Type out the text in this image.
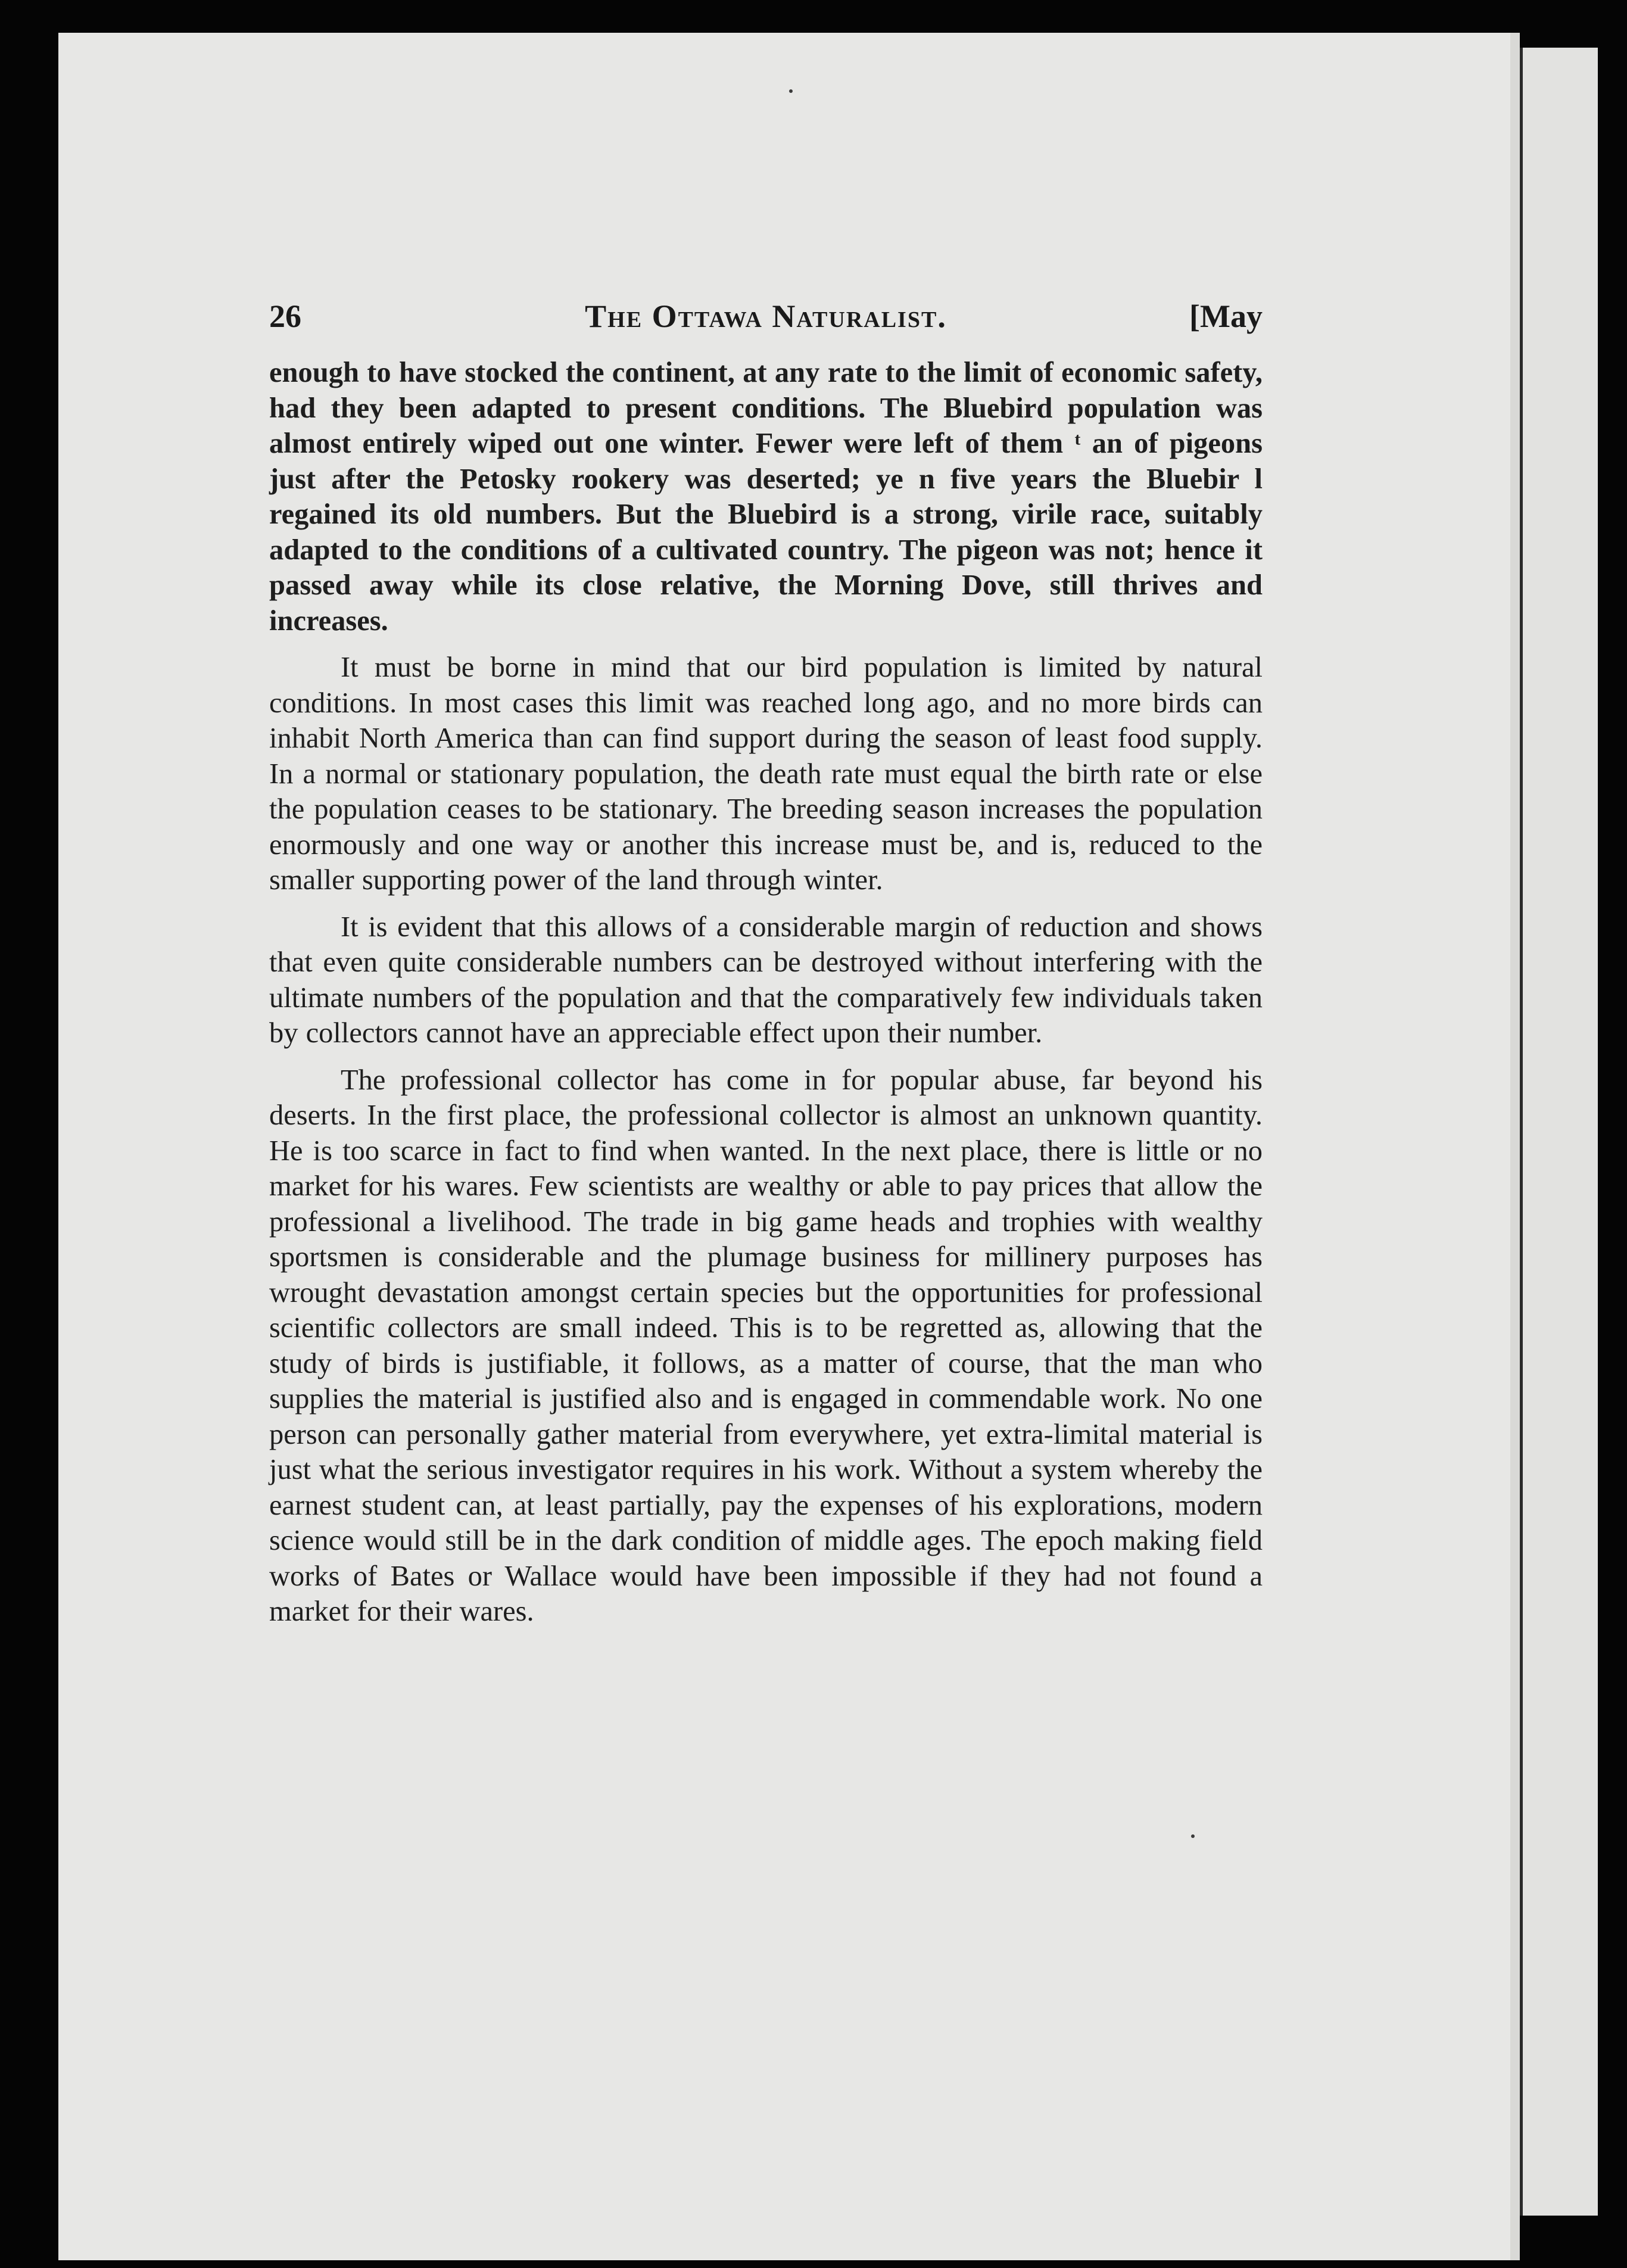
26	The Ottawa Naturalist.	[May

enough to have stocked the continent, at any rate to the limit of economic safety, had they been adapted to present conditions. The Bluebird population was almost entirely wiped out one winter. Fewer were left of them ᵗ an of pigeons just after the Petosky rookery was deserted; ye n five years the Bluebir l regained its old numbers. But the Bluebird is a strong, virile race, suitably adapted to the conditions of a cultivated country. The pigeon was not; hence it passed away while its close relative, the Morning Dove, still thrives and increases.

It must be borne in mind that our bird population is limited by natural conditions. In most cases this limit was reached long ago, and no more birds can inhabit North America than can find support during the season of least food supply. In a normal or stationary population, the death rate must equal the birth rate or else the population ceases to be stationary. The breeding season increases the population enormously and one way or another this increase must be, and is, reduced to the smaller supporting power of the land through winter.

It is evident that this allows of a considerable margin of reduction and shows that even quite considerable numbers can be destroyed without interfering with the ultimate numbers of the population and that the comparatively few individuals taken by collectors cannot have an appreciable effect upon their number.

The professional collector has come in for popular abuse, far beyond his deserts. In the first place, the professional collector is almost an unknown quantity. He is too scarce in fact to find when wanted. In the next place, there is little or no market for his wares. Few scientists are wealthy or able to pay prices that allow the professional a livelihood. The trade in big game heads and trophies with wealthy sportsmen is considerable and the plumage business for millinery purposes has wrought devastation amongst certain species but the opportunities for professional scientific collectors are small indeed. This is to be regretted as, allowing that the study of birds is justifiable, it follows, as a matter of course, that the man who supplies the material is justified also and is engaged in commendable work. No one person can personally gather material from everywhere, yet extra-limital material is just what the serious investigator requires in his work. Without a system whereby the earnest student can, at least partially, pay the expenses of his explorations, modern science would still be in the dark condition of middle ages. The epoch making field works of Bates or Wallace would have been impossible if they had not found a market for their wares.
